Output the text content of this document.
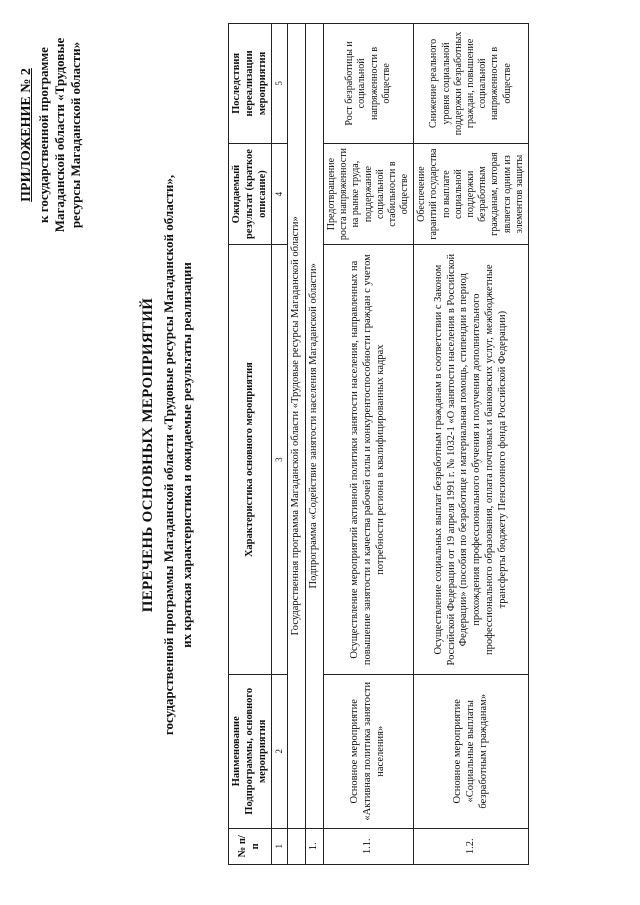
ПРИЛОЖЕНИЕ № 2 к государственной программе Магаданской области «Трудовые ресурсы Магаданской области»
ПЕРЕЧЕНЬ ОСНОВНЫХ МЕРОПРИЯТИЙ государственной программы Магаданской области «Трудовые ресурсы Магаданской области», их краткая характеристика и ожидаемые результаты реализации
№ п/п	Наименование Подпрограммы, основного мероприятия	Характеристика основного мероприятия	Ожидаемый результат (краткое описание)	Последствия нереализации мероприятия
1	2	3	4	5
	Государственная программа Магаданской области «Трудовые ресурсы Магаданской области»			
1.	Подпрограмма «Содействие занятости населения Магаданской области»			
1.1.	Основное мероприятие «Активная политика занятости населения»	Осуществление мероприятий активной политики занятости населения, направленных на повышение занятости и качества рабочей силы и конкурентоспособности граждан с учетом потребности региона в квалифицированных кадрах	Предотвращение роста напряженности на рынке труда, поддержание социальной стабильности в обществе	Рост безработицы и социальной напряженности в обществе
1.2.	Основное мероприятие «Социальные выплаты безработным гражданам»	Осуществление социальных выплат безработным гражданам в соответствии с Законом Российской Федерации от 19 апреля 1991 г. № 1032-1 «О занятости населения в Российской Федерации» (пособия по безработице и материальная помощь, стипендии в период прохождения профессионального обучения и получения дополнительного профессионального образования, оплата почтовых и банковских услуг, межбюджетные трансферты бюджету Пенсионного фонда Российской Федерации)	Обеспечение гарантий государства по выплате социальной поддержки безработным гражданам, которая является одним из элементов защиты	Снижение реального уровня социальной поддержки безработных граждан, повышение социальной напряженности в обществе
